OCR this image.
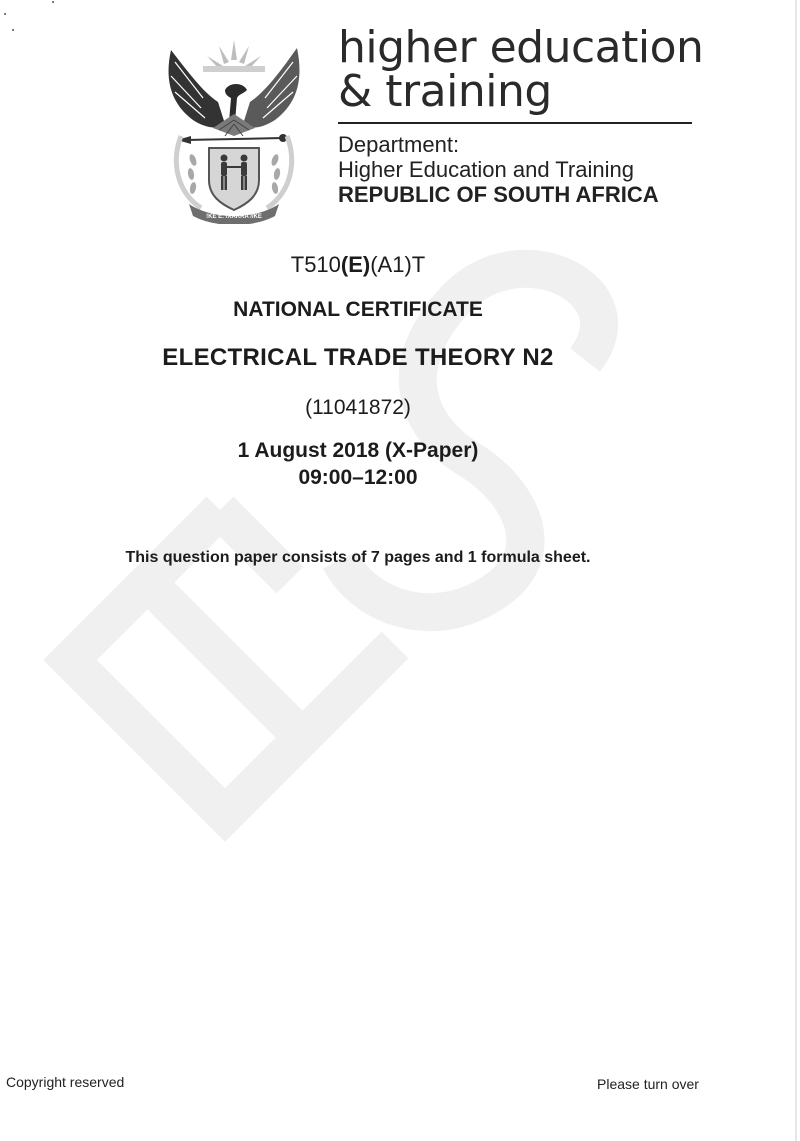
!KE E: /XARRA //KE
higher education
& training
Department:
Higher Education and Training
REPUBLIC OF SOUTH AFRICA
T510(E)(A1)T
NATIONAL CERTIFICATE
ELECTRICAL TRADE THEORY N2
(11041872)
1 August 2018 (X-Paper)
09:00–12:00
This question paper consists of 7 pages and 1 formula sheet.
Copyright reserved	Please turn over
